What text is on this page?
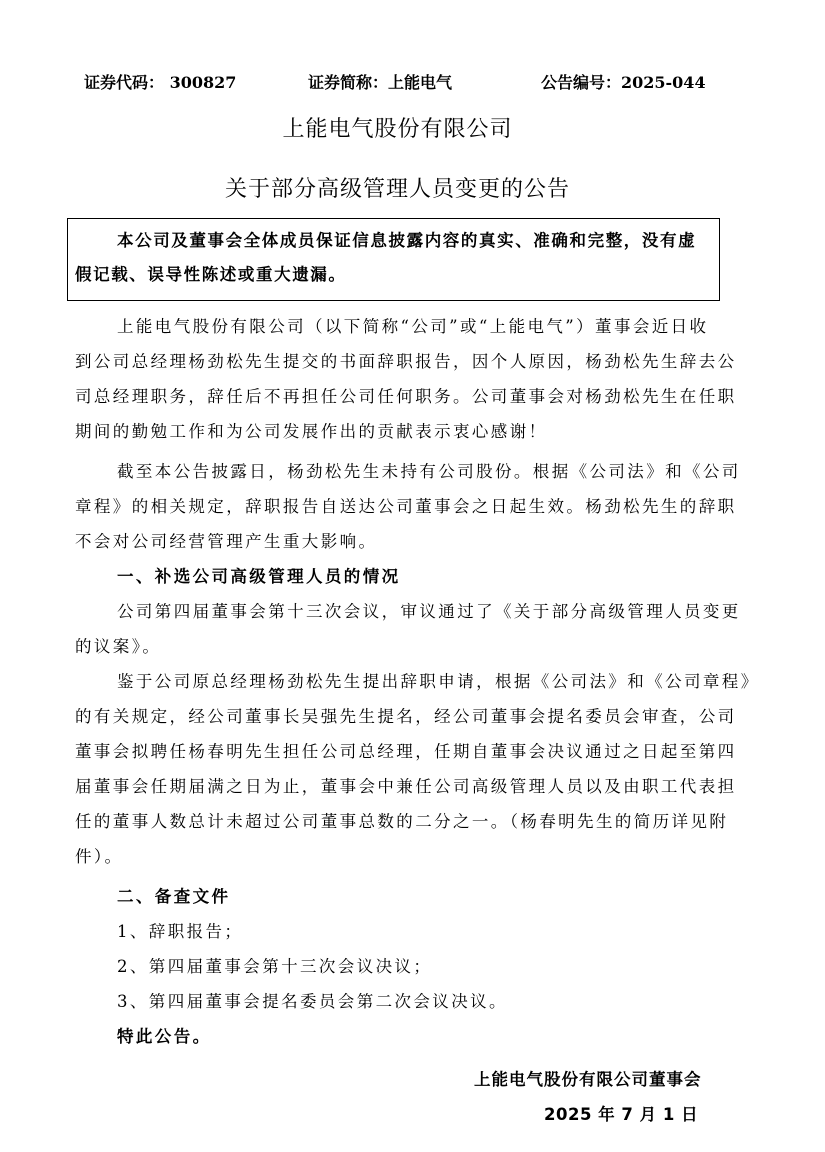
证券代码： 300827	证券简称：上能电气	公告编号：2025-044
上能电气股份有限公司
关于部分高级管理人员变更的公告

本公司及董事会全体成员保证信息披露内容的真实、准确和完整，没有虚

假记载、误导性陈述或重大遗漏。

上能电气股份有限公司（以下简称“公司”或“上能电气”）董事会近日收
到公司总经理杨劲松先生提交的书面辞职报告，因个人原因，杨劲松先生辞去公
司总经理职务，辞任后不再担任公司任何职务。公司董事会对杨劲松先生在任职
期间的勤勉工作和为公司发展作出的贡献表示衷心感谢！
截至本公告披露日，杨劲松先生未持有公司股份。根据《公司法》和《公司
章程》的相关规定，辞职报告自送达公司董事会之日起生效。杨劲松先生的辞职
不会对公司经营管理产生重大影响。
一、补选公司高级管理人员的情况
公司第四届董事会第十三次会议，审议通过了《关于部分高级管理人员变更
的议案》。
鉴于公司原总经理杨劲松先生提出辞职申请，根据《公司法》和《公司章程》
的有关规定，经公司董事长吴强先生提名，经公司董事会提名委员会审查，公司
董事会拟聘任杨春明先生担任公司总经理，任期自董事会决议通过之日起至第四
届董事会任期届满之日为止，董事会中兼任公司高级管理人员以及由职工代表担
任的董事人数总计未超过公司董事总数的二分之一。（杨春明先生的简历详见附
件）。
二、备查文件
1、辞职报告；
2、第四届董事会第十三次会议决议；
3、第四届董事会提名委员会第二次会议决议。
特此公告。
上能电气股份有限公司董事会
2025 年 7 月 1 日
